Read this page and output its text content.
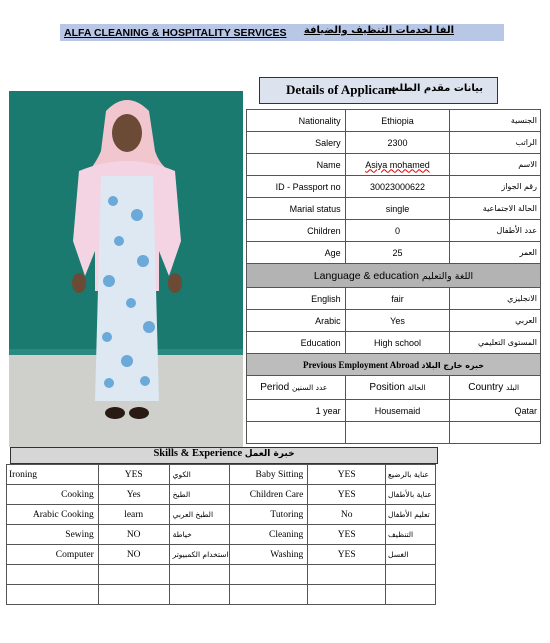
ALFA CLEANING & HOSPITALITY SERVICES الفا لخدمات التنظيف والضيافة
Details of Applicant
بيانات مقدم الطلب
Nationality	Ethiopia	الجنسية
Salery	2300	الراتب
Name	Asiya mohamed	الاسم
ID - Passport no	30023000622	رقم الجواز
Marial status	single	الحالة الاجتماعية
Children	0	عدد الأطفال
Age	25	العمر
Language & education اللغة والتعليم		
English	fair	الانجليزي
Arabic	Yes	العربي
Education	High school	المستوى التعليمي
Previous Employment Abroad خبره خارج البلاد		
Period عدد السنين	Position الحالة	Country البلد
1 year	Housemaid	Qatar

Skills & Experience خبرة العمل
Ironing	YES	الكوي	Baby Sitting	YES	عناية بالرضيع
Cooking	Yes	الطبخ	Children Care	YES	عناية بالأطفال
Arabic Cooking	learn	الطبخ العربي	Tutoring	No	تعليم الأطفال
Sewing	NO	خياطة	Cleaning	YES	التنظيف
Computer	NO	استخدام الكمبيوتر	Washing	YES	الغسل
